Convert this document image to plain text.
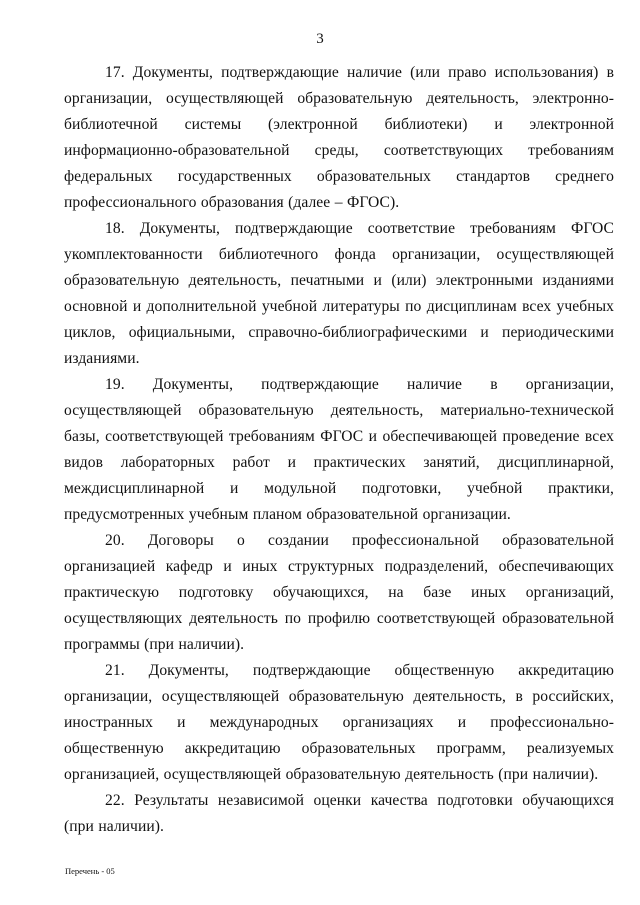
3

17. Документы, подтверждающие наличие (или право использования) в организации, осуществляющей образовательную деятельность, электронно-библиотечной системы (электронной библиотеки) и электронной информационно-образовательной среды, соответствующих требованиям федеральных государственных образовательных стандартов среднего профессионального образования (далее – ФГОС).

18. Документы, подтверждающие соответствие требованиям ФГОС укомплектованности библиотечного фонда организации, осуществляющей образовательную деятельность, печатными и (или) электронными изданиями основной и дополнительной учебной литературы по дисциплинам всех учебных циклов, официальными, справочно-библиографическими и периодическими изданиями.

19. Документы, подтверждающие наличие в организации, осуществляющей образовательную деятельность, материально-технической базы, соответствующей требованиям ФГОС и обеспечивающей проведение всех видов лабораторных работ и практических занятий, дисциплинарной, междисциплинарной и модульной подготовки, учебной практики, предусмотренных учебным планом образовательной организации.

20. Договоры о создании профессиональной образовательной организацией кафедр и иных структурных подразделений, обеспечивающих практическую подготовку обучающихся, на базе иных организаций, осуществляющих деятельность по профилю соответствующей образовательной программы (при наличии).

21. Документы, подтверждающие общественную аккредитацию организации, осуществляющей образовательную деятельность, в российских, иностранных и международных организациях и профессионально-общественную аккредитацию образовательных программ, реализуемых организацией, осуществляющей образовательную деятельность (при наличии).

22. Результаты независимой оценки качества подготовки обучающихся (при наличии).

Перечень - 05
